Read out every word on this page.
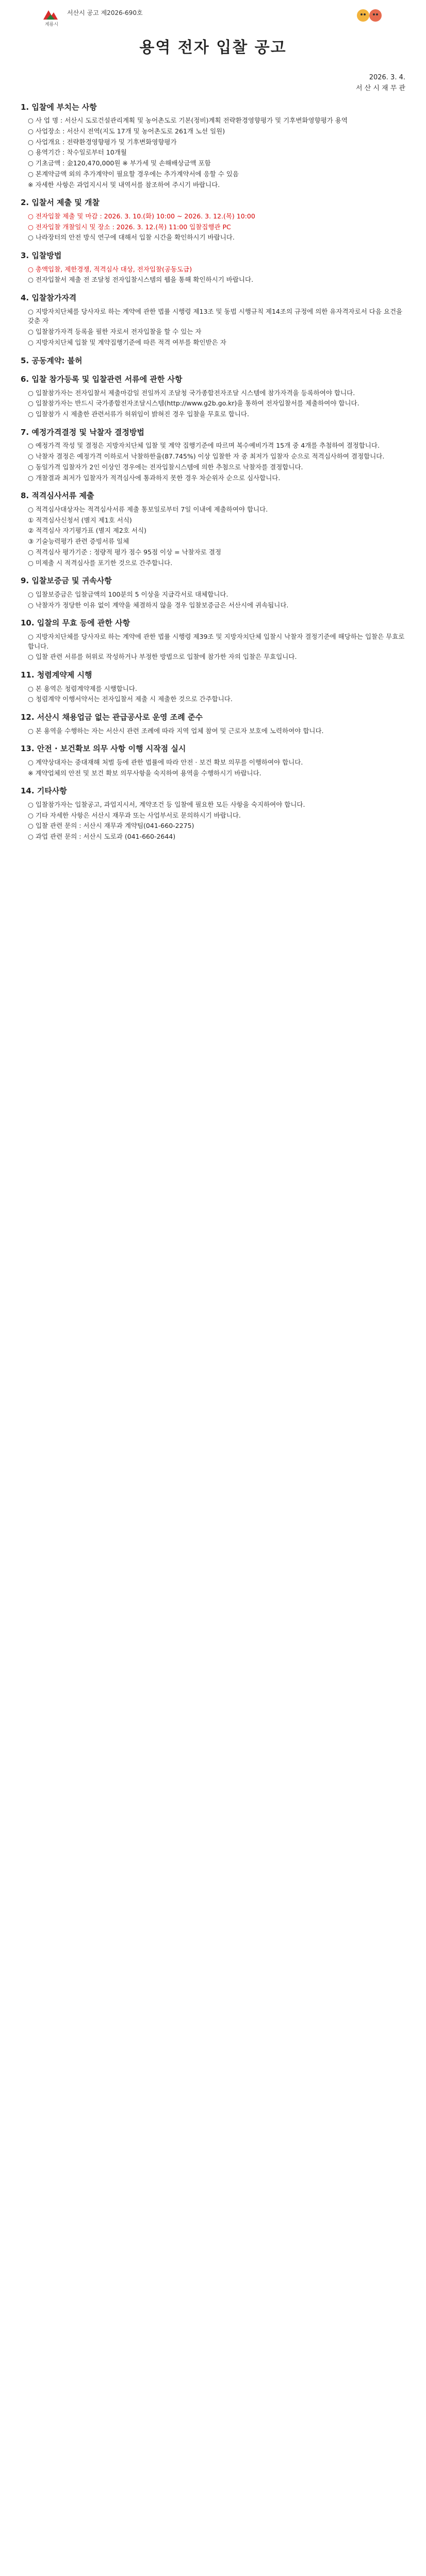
계룡시
서산시 공고 제2026-690호
용역 전자 입찰 공고
2026. 3. 4.
서 산 시 재 무 관
1. 입찰에 부치는 사항
○ 사 업 명 : 서산시 도로건설관리계획 및 농어촌도로 기본(정비)계획 전략환경영향평가 및 기후변화영향평가 용역
○ 사업장소 : 서산시 전역(지도 17개 및 농어촌도로 261개 노선 일원)
○ 사업개요 : 전략환경영향평가 및 기후변화영향평가
○ 용역기간 : 착수일로부터 10개월
○ 기초금액 : 金120,470,000원 ※ 부가세 및 손해배상금액 포함
○ 본계약금액 외의 추가계약이 필요할 경우에는 추가계약서에 응할 수 있음
※ 자세한 사항은 과업지시서 및 내역서를 참조하여 주시기 바랍니다.
2. 입찰서 제출 및 개찰
○ 전자입찰 제출 및 마감 : 2026. 3. 10.(화) 10:00 ~ 2026. 3. 12.(목) 10:00
○ 전자입찰 개찰일시 및 장소 : 2026. 3. 12.(목) 11:00 입찰집행관 PC
○ 나라장터의 안전 방식 연구에 대해서 입찰 시간을 확인하시기 바랍니다.
3. 입찰방법
○ 총액입찰, 제한경쟁, 적격심사 대상, 전자입찰(공동도급)
○ 전자입찰서 제출 전 조달청 전자입찰시스템의 웹을 통해 확인하시기 바랍니다.
4. 입찰참가자격
○ 지방자치단체를 당사자로 하는 계약에 관한 법률 시행령 제13조 및 동법 시행규칙 제14조의 규정에 의한 유자격자로서 다음 요건을 갖춘 자
○ 입찰참가자격 등록을 필한 자로서 전자입찰을 할 수 있는 자
○ 지방자치단체 입찰 및 계약집행기준에 따른 적격 여부를 확인받은 자
5. 공동계약: 불허
6. 입찰 참가등록 및 입찰관련 서류에 관한 사항
○ 입찰참가자는 전자입찰서 제출마감일 전일까지 조달청 국가종합전자조달 시스템에 참가자격을 등록하여야 합니다.
○ 입찰참가자는 반드시 국가종합전자조달시스템(http://www.g2b.go.kr)을 통하여 전자입찰서를 제출하여야 합니다.
○ 입찰참가 시 제출한 관련서류가 허위임이 밝혀진 경우 입찰을 무효로 합니다.
7. 예정가격결정 및 낙찰자 결정방법
○ 예정가격 작성 및 결정은 지방자치단체 입찰 및 계약 집행기준에 따르며 복수예비가격 15개 중 4개를 추첨하여 결정합니다.
○ 낙찰자 결정은 예정가격 이하로서 낙찰하한율(87.745%) 이상 입찰한 자 중 최저가 입찰자 순으로 적격심사하여 결정합니다.
○ 동일가격 입찰자가 2인 이상인 경우에는 전자입찰시스템에 의한 추첨으로 낙찰자를 결정합니다.
○ 개찰결과 최저가 입찰자가 적격심사에 통과하지 못한 경우 차순위자 순으로 심사합니다.
8. 적격심사서류 제출
○ 적격심사대상자는 적격심사서류 제출 통보일로부터 7일 이내에 제출하여야 합니다.
① 적격심사신청서 (별지 제1호 서식)
② 적격심사 자기평가표 (별지 제2호 서식)
③ 기술능력평가 관련 증빙서류 일체
○ 적격심사 평가기준 : 정량적 평가 점수 95점 이상 = 낙찰자로 결정
○ 미제출 시 적격심사를 포기한 것으로 간주합니다.
9. 입찰보증금 및 귀속사항
○ 입찰보증금은 입찰금액의 100분의 5 이상을 지급각서로 대체합니다.
○ 낙찰자가 정당한 이유 없이 계약을 체결하지 않을 경우 입찰보증금은 서산시에 귀속됩니다.
10. 입찰의 무효 등에 관한 사항
○ 지방자치단체를 당사자로 하는 계약에 관한 법률 시행령 제39조 및 지방자치단체 입찰시 낙찰자 결정기준에 해당하는 입찰은 무효로 합니다.
○ 입찰 관련 서류를 허위로 작성하거나 부정한 방법으로 입찰에 참가한 자의 입찰은 무효입니다.
11. 청렴계약제 시행
○ 본 용역은 청렴계약제를 시행합니다.
○ 청렴계약 이행서약서는 전자입찰서 제출 시 제출한 것으로 간주합니다.
12. 서산시 채용업금 없는 관급공사로 운영 조례 준수
○ 본 용역을 수행하는 자는 서산시 관련 조례에 따라 지역 업체 참여 및 근로자 보호에 노력하여야 합니다.
13. 안전 · 보건확보 의무 사항 이행 시작점 실시
○ 계약상대자는 중대재해 처벌 등에 관한 법률에 따라 안전 · 보건 확보 의무를 이행하여야 합니다.
※ 계약업체의 안전 및 보건 확보 의무사항을 숙지하여 용역을 수행하시기 바랍니다.
14. 기타사항
○ 입찰참가자는 입찰공고, 과업지시서, 계약조건 등 입찰에 필요한 모든 사항을 숙지하여야 합니다.
○ 기타 자세한 사항은 서산시 재무과 또는 사업부서로 문의하시기 바랍니다.
○ 입찰 관련 문의 : 서산시 재무과 계약팀(041-660-2275)
○ 과업 관련 문의 : 서산시 도로과 (041-660-2644)
